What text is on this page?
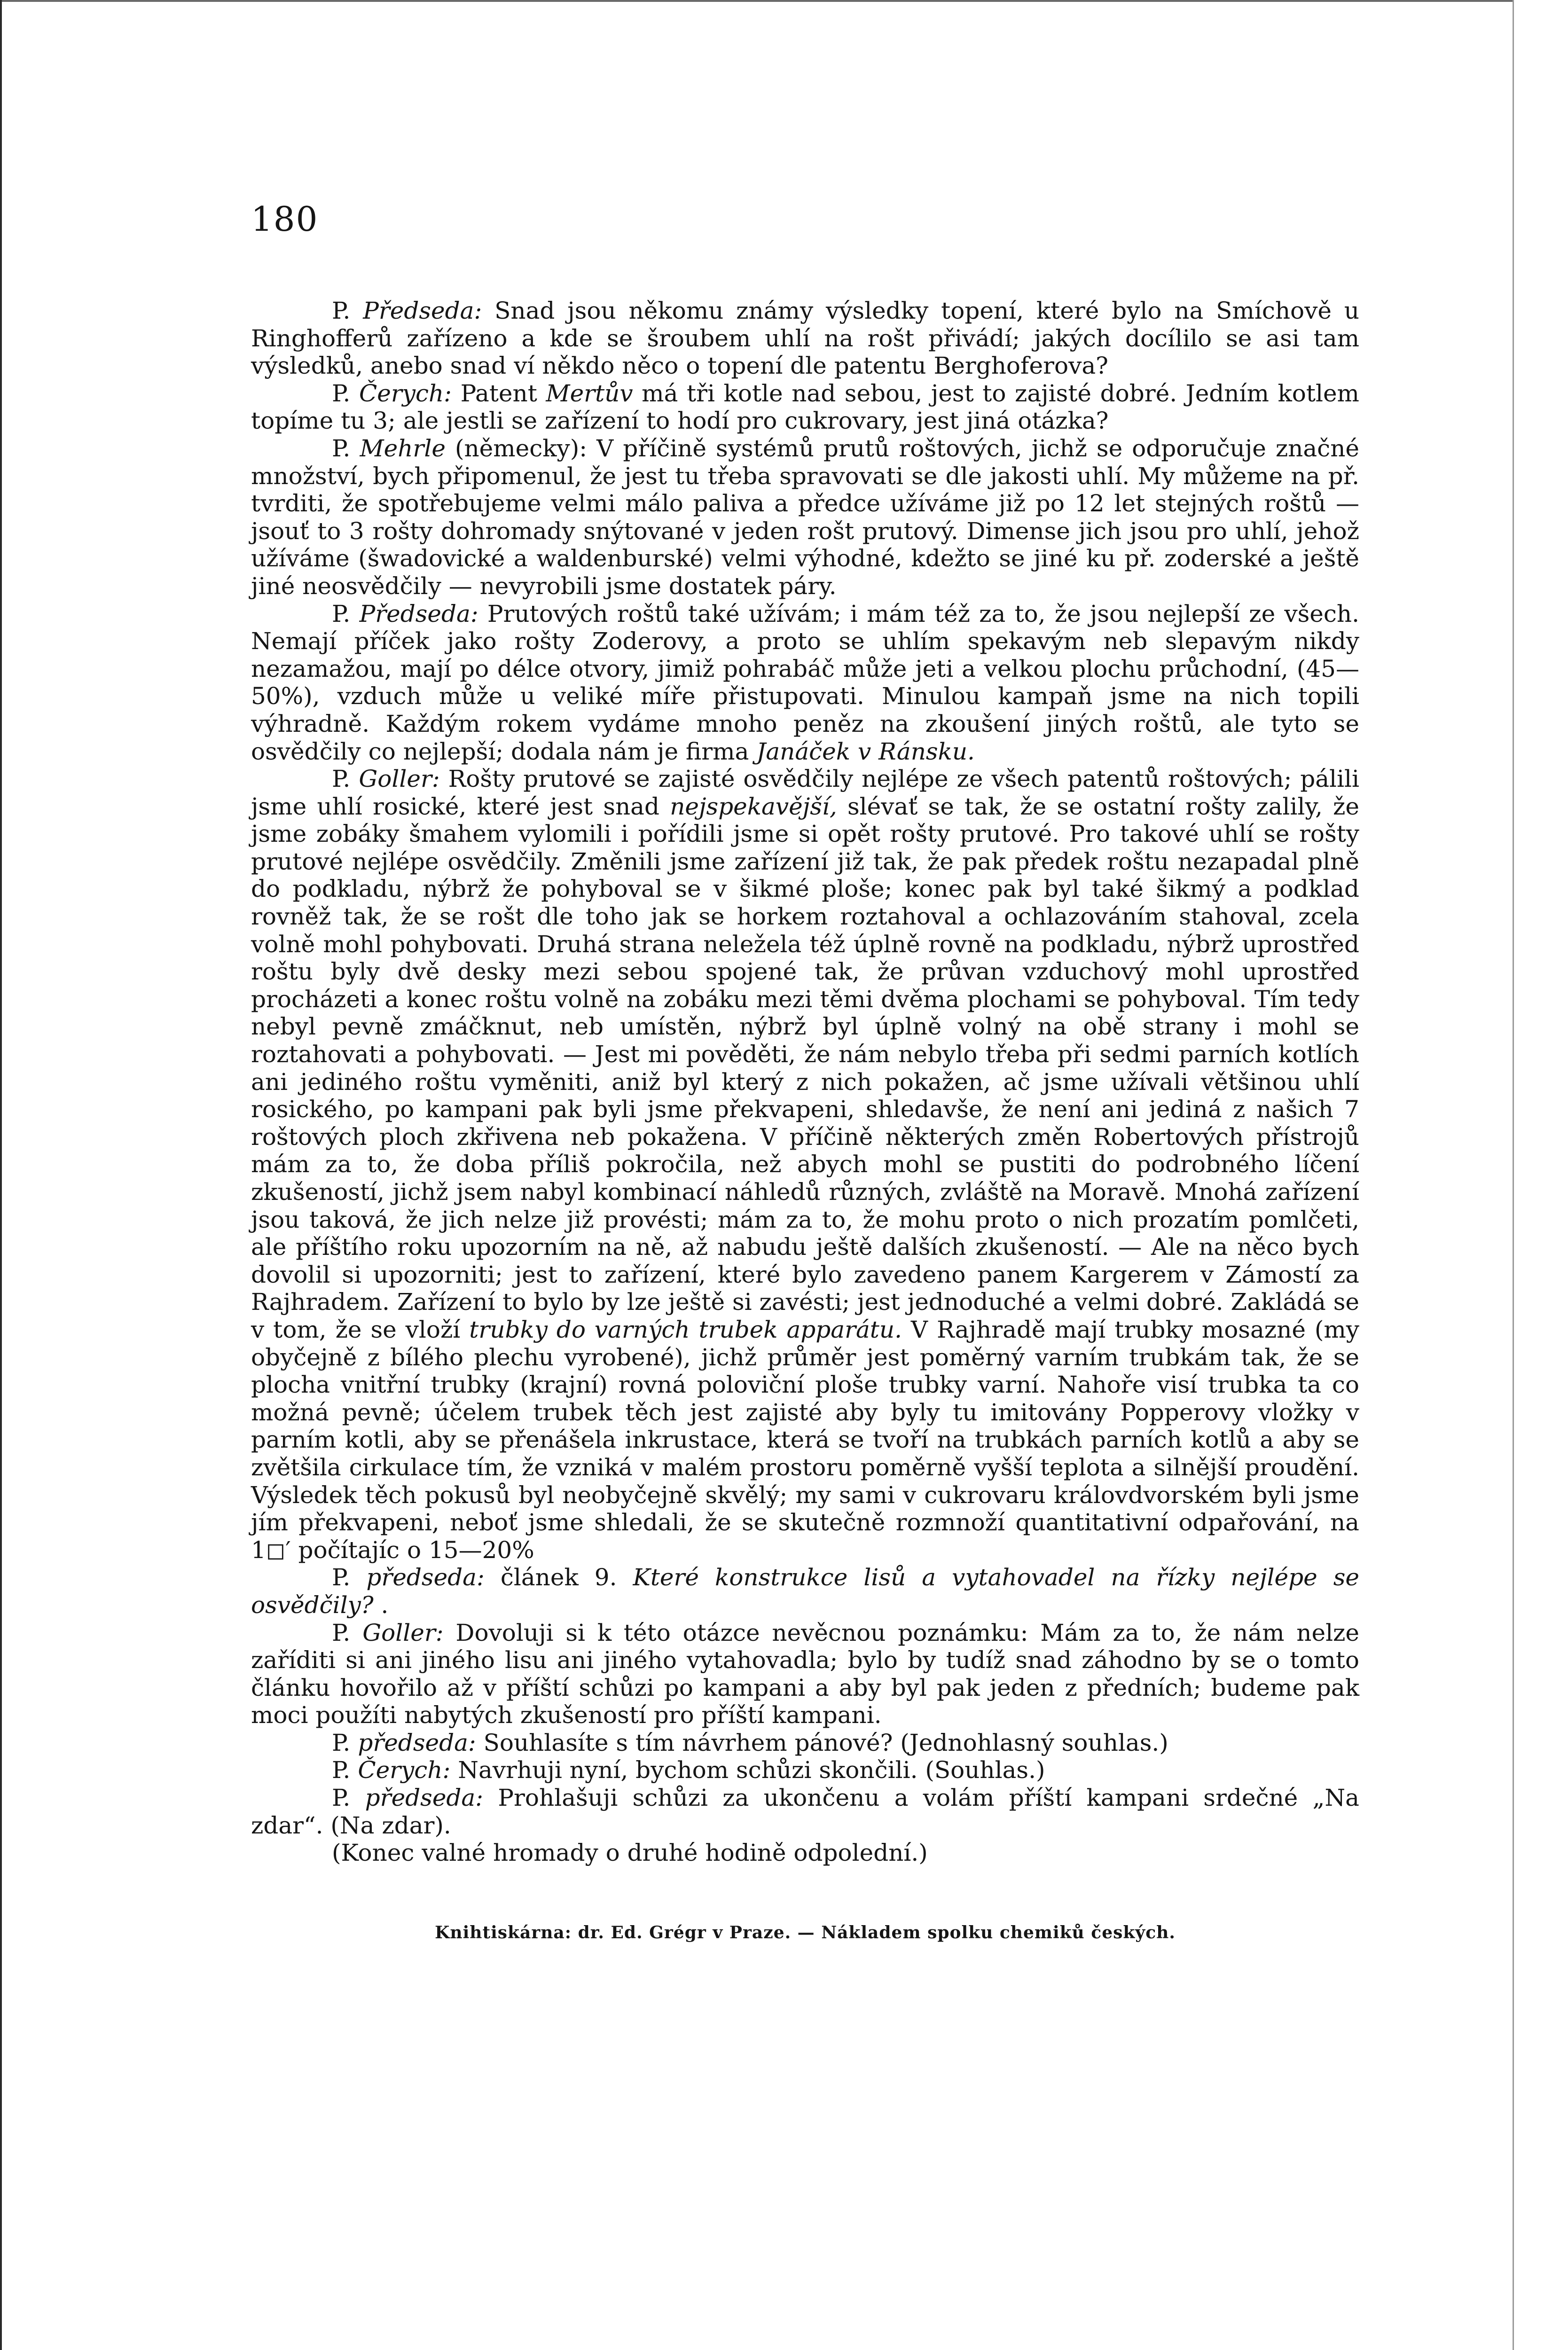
180

P. Předseda: Snad jsou někomu známy výsledky topení, které bylo na Smíchově u Ringhofferů zařízeno a kde se šroubem uhlí na rošt přivádí; jakých docílilo se asi tam výsledků, anebo snad ví někdo něco o topení dle patentu Berghoferova?

P. Čerych: Patent Mertův má tři kotle nad sebou, jest to zajisté dobré. Jedním kotlem topíme tu 3; ale jestli se zařízení to hodí pro cukrovary, jest jiná otázka?

P. Mehrle (německy): V příčině systémů prutů roštových, jichž se odporučuje značné množství, bych připomenul, že jest tu třeba spravovati se dle jakosti uhlí. My můžeme na př. tvrditi, že spotřebujeme velmi málo paliva a předce užíváme již po 12 let stejných roštů — jsouť to 3 rošty dohromady snýtované v jeden rošt prutový. Dimense jich jsou pro uhlí, jehož užíváme (šwadovické a waldenburské) velmi výhodné, kdežto se jiné ku př. zoderské a ještě jiné neosvědčily — nevyrobili jsme dostatek páry.

P. Předseda: Prutových roštů také užívám; i mám též za to, že jsou nejlepší ze všech. Nemají příček jako rošty Zoderovy, a proto se uhlím spekavým neb slepavým nikdy nezamažou, mají po délce otvory, jimiž pohrabáč může jeti a velkou plochu průchodní, (45—50%), vzduch může u veliké míře přistupovati. Minulou kampaň jsme na nich topili výhradně. Každým rokem vydáme mnoho peněz na zkoušení jiných roštů, ale tyto se osvědčily co nejlepší; dodala nám je firma Janáček v Ránsku.

P. Goller: Rošty prutové se zajisté osvědčily nejlépe ze všech patentů roštových; pálili jsme uhlí rosické, které jest snad nejspekavější, slévať se tak, že se ostatní rošty zalily, že jsme zobáky šmahem vylomili i pořídili jsme si opět rošty prutové. Pro takové uhlí se rošty prutové nejlépe osvědčily. Změnili jsme zařízení již tak, že pak předek roštu nezapadal plně do podkladu, nýbrž že pohyboval se v šikmé ploše; konec pak byl také šikmý a podklad rovněž tak, že se rošt dle toho jak se horkem roztahoval a ochlazováním stahoval, zcela volně mohl pohybovati. Druhá strana neležela též úplně rovně na podkladu, nýbrž uprostřed roštu byly dvě desky mezi sebou spojené tak, že průvan vzduchový mohl uprostřed procházeti a konec roštu volně na zobáku mezi těmi dvěma plochami se pohyboval. Tím tedy nebyl pevně zmáčknut, neb umístěn, nýbrž byl úplně volný na obě strany i mohl se roztahovati a pohybovati. — Jest mi pověděti, že nám nebylo třeba při sedmi parních kotlích ani jediného roštu vyměniti, aniž byl který z nich pokažen, ač jsme užívali většinou uhlí rosického, po kampani pak byli jsme překvapeni, shledavše, že není ani jediná z našich 7 roštových ploch zkřivena neb pokažena. V příčině některých změn Robertových přístrojů mám za to, že doba příliš pokročila, než abych mohl se pustiti do podrobného líčení zkušeností, jichž jsem nabyl kombinací náhledů různých, zvláště na Moravě. Mnohá zařízení jsou taková, že jich nelze již provésti; mám za to, že mohu proto o nich prozatím pomlčeti, ale příštího roku upozorním na ně, až nabudu ještě dalších zkušeností. — Ale na něco bych dovolil si upozorniti; jest to zařízení, které bylo zavedeno panem Kargerem v Zámostí za Rajhradem. Zařízení to bylo by lze ještě si zavésti; jest jednoduché a velmi dobré. Zakládá se v tom, že se vloží trubky do varných trubek apparátu. V Rajhradě mají trubky mosazné (my obyčejně z bílého plechu vyrobené), jichž průměr jest poměrný varním trubkám tak, že se plocha vnitřní trubky (krajní) rovná poloviční ploše trubky varní. Nahoře visí trubka ta co možná pevně; účelem trubek těch jest zajisté aby byly tu imitovány Popperovy vložky v parním kotli, aby se přenášela inkrustace, která se tvoří na trubkách parních kotlů a aby se zvětšila cirkulace tím, že vzniká v malém prostoru poměrně vyšší teplota a silnější proudění. Výsledek těch pokusů byl neobyčejně skvělý; my sami v cukrovaru královdvorském byli jsme jím překvapeni, neboť jsme shledali, že se skutečně rozmnoží quantitativní odpařování, na 1◻′ počítajíc o 15—20%

P. předseda: článek 9. Které konstrukce lisů a vytahovadel na řízky nejlépe se osvědčily? .

P. Goller: Dovoluji si k této otázce nevěcnou poznámku: Mám za to, že nám nelze zaříditi si ani jiného lisu ani jiného vytahovadla; bylo by tudíž snad záhodno by se o tomto článku hovořilo až v příští schůzi po kampani a aby byl pak jeden z předních; budeme pak moci použíti nabytých zkušeností pro příští kampani.

P. předseda: Souhlasíte s tím návrhem pánové? (Jednohlasný souhlas.)

P. Čerych: Navrhuji nyní, bychom schůzi skončili. (Souhlas.)

P. předseda: Prohlašuji schůzi za ukončenu a volám příští kampani srdečné „Na zdar“. (Na zdar).

(Konec valné hromady o druhé hodině odpolední.)

Knihtiskárna: dr. Ed. Grégr v Praze. — Nákladem spolku chemiků českých.
